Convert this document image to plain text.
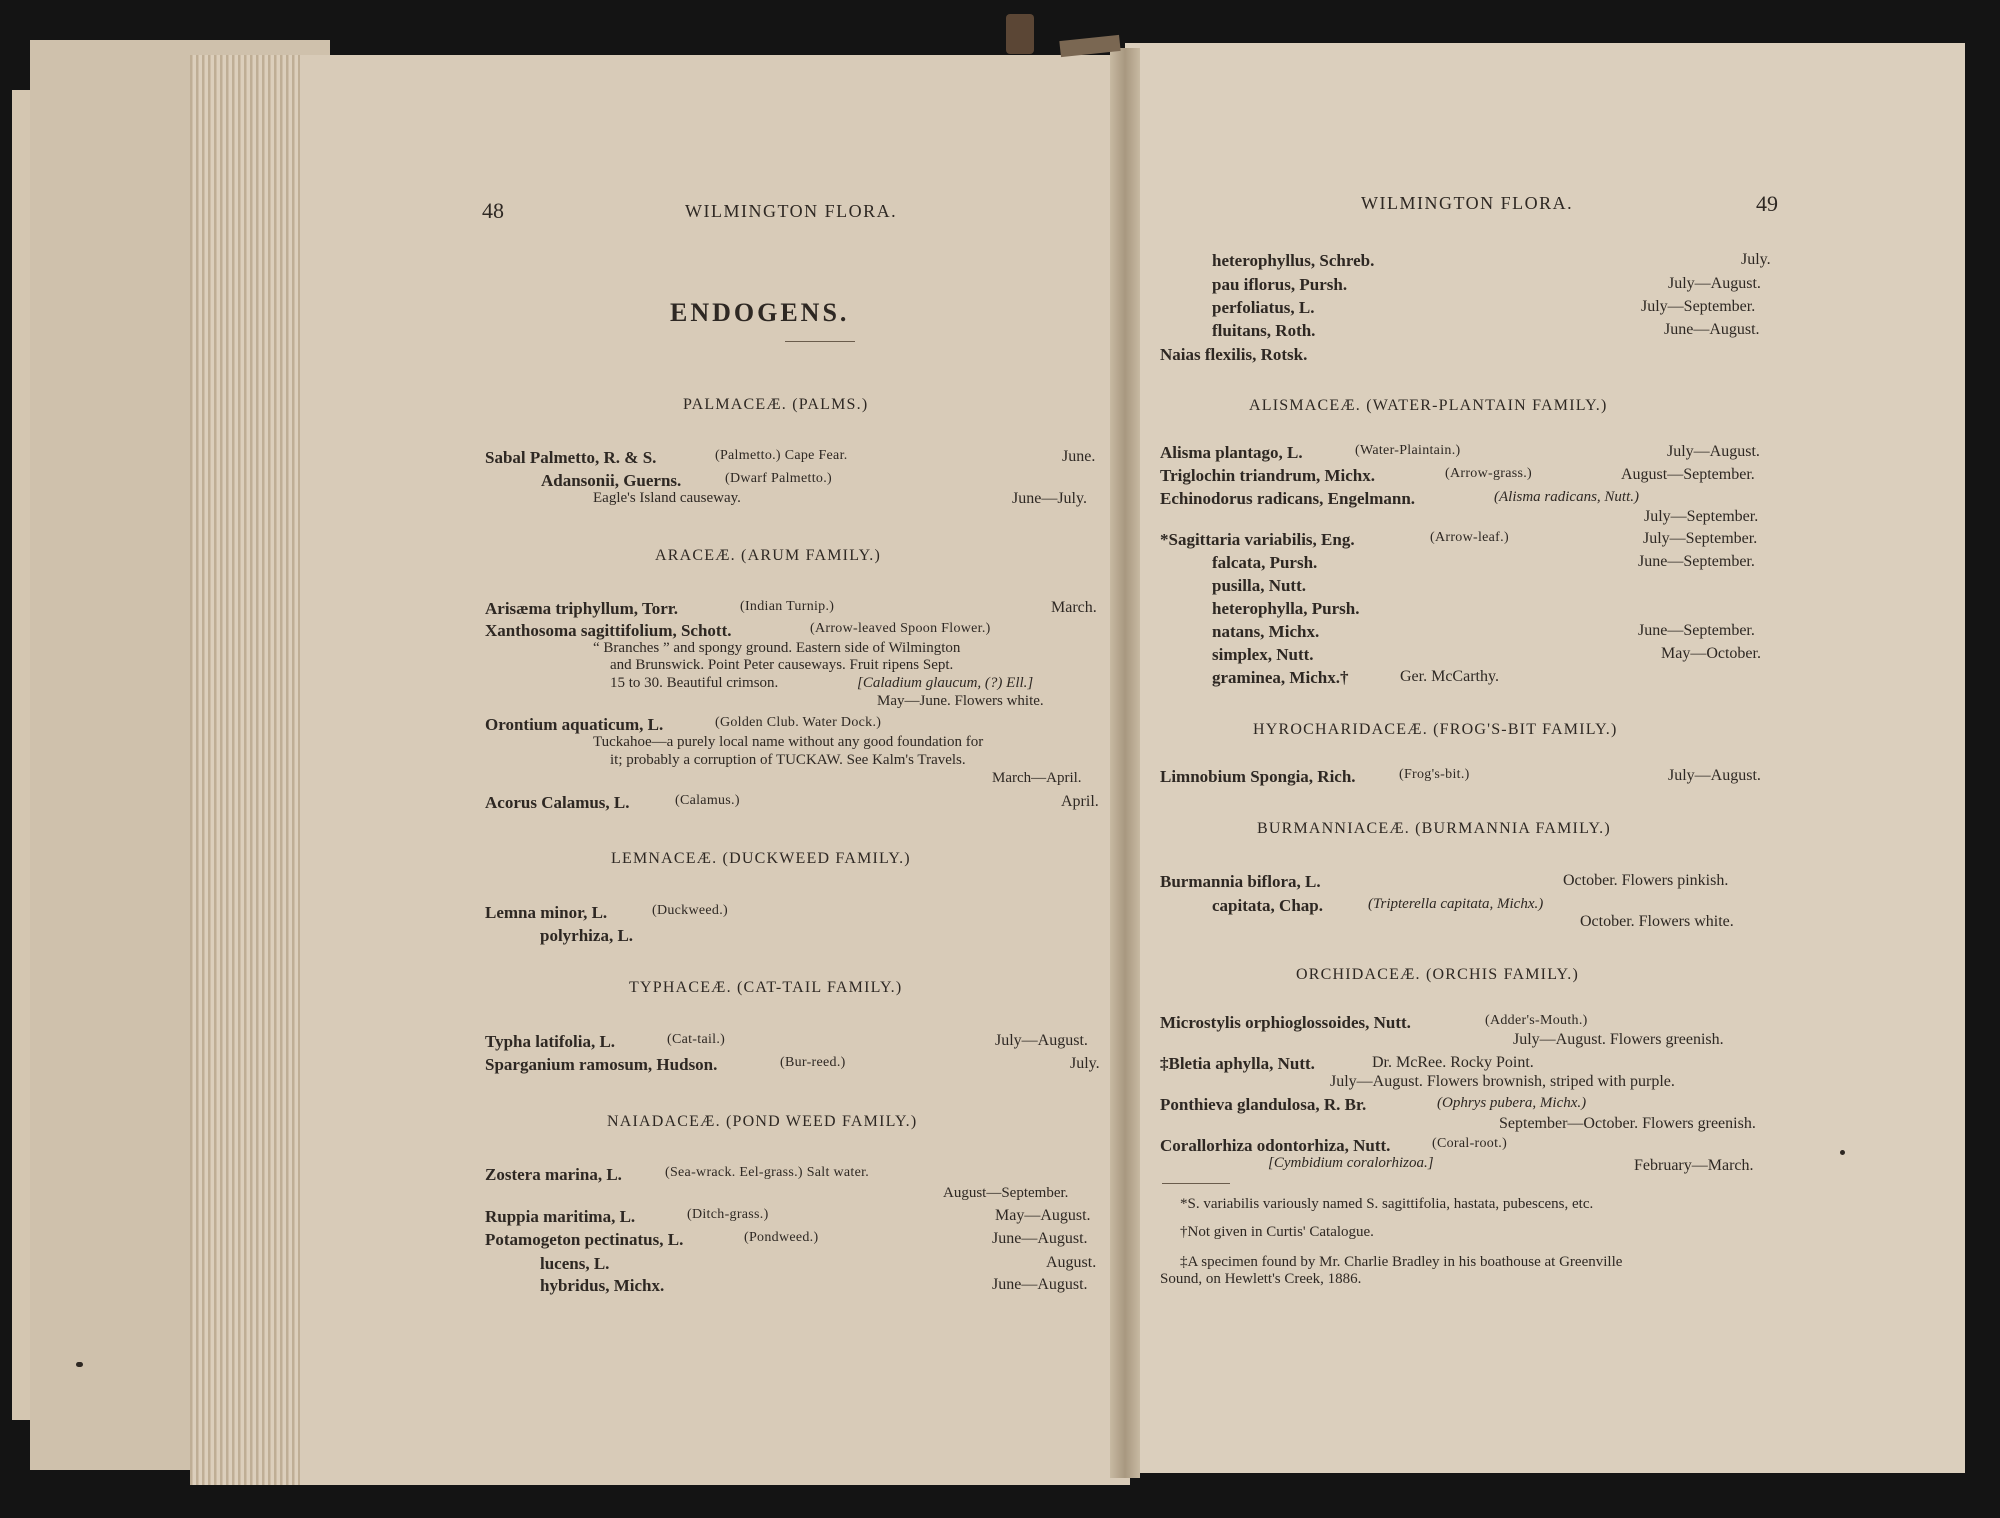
48	WILMINGTON FLORA.
ENDOGENS.
PALMACEÆ. (PALMS.)
Sabal Palmetto, R. & S.	(Palmetto.) Cape Fear.	June.
Adansonii, Guerns.	(Dwarf Palmetto.)
Eagle's Island causeway.	June—July.
ARACEÆ. (ARUM FAMILY.)
Arisæma triphyllum, Torr.	(Indian Turnip.)	March.
Xanthosoma sagittifolium, Schott.	(Arrow-leaved Spoon Flower.)
“ Branches ” and spongy ground. Eastern side of Wilmington
and Brunswick. Point Peter causeways. Fruit ripens Sept.
15 to 30. Beautiful crimson.	[Caladium glaucum, (?) Ell.]
May—June. Flowers white.
Orontium aquaticum, L.	(Golden Club. Water Dock.)
Tuckahoe—a purely local name without any good foundation for
it; probably a corruption of TUCKAW. See Kalm's Travels.
March—April.
Acorus Calamus, L.	(Calamus.)	April.
LEMNACEÆ. (DUCKWEED FAMILY.)
Lemna minor, L.	(Duckweed.)
polyrhiza, L.
TYPHACEÆ. (CAT-TAIL FAMILY.)
Typha latifolia, L.	(Cat-tail.)	July—August.
Sparganium ramosum, Hudson.	(Bur-reed.)	July.
NAIADACEÆ. (POND WEED FAMILY.)
Zostera marina, L.	(Sea-wrack. Eel-grass.) Salt water.
August—September.
Ruppia maritima, L.	(Ditch-grass.)	May—August.
Potamogeton pectinatus, L.	(Pondweed.)	June—August.
lucens, L.	August.
hybridus, Michx.	June—August.
WILMINGTON FLORA.	49
heterophyllus, Schreb.	July.
pau iflorus, Pursh.	July—August.
perfoliatus, L.	July—September.
fluitans, Roth.	June—August.
Naias flexilis, Rotsk.
ALISMACEÆ. (WATER-PLANTAIN FAMILY.)
Alisma plantago, L.	(Water-Plaintain.)	July—August.
Triglochin triandrum, Michx.	(Arrow-grass.)	August—September.
Echinodorus radicans, Engelmann.	(Alisma radicans, Nutt.)
July—September.
*Sagittaria variabilis, Eng.	(Arrow-leaf.)	July—September.
falcata, Pursh.	June—September.
pusilla, Nutt.
heterophylla, Pursh.
natans, Michx.	June—September.
simplex, Nutt.	May—October.
graminea, Michx.†	Ger. McCarthy.
HYROCHARIDACEÆ. (FROG'S-BIT FAMILY.)
Limnobium Spongia, Rich.	(Frog's-bit.)	July—August.
BURMANNIACEÆ. (BURMANNIA FAMILY.)
Burmannia biflora, L.	October. Flowers pinkish.
capitata, Chap.	(Tripterella capitata, Michx.)
October. Flowers white.
ORCHIDACEÆ. (ORCHIS FAMILY.)
Microstylis orphioglossoides, Nutt.	(Adder's-Mouth.)
July—August. Flowers greenish.
‡Bletia aphylla, Nutt.	Dr. McRee. Rocky Point.
July—August. Flowers brownish, striped with purple.
Ponthieva glandulosa, R. Br.	(Ophrys pubera, Michx.)
September—October. Flowers greenish.
Corallorhiza odontorhiza, Nutt.	(Coral-root.)
[Cymbidium coralorhizoa.]	February—March.
*S. variabilis variously named S. sagittifolia, hastata, pubescens, etc.
†Not given in Curtis' Catalogue.
‡A specimen found by Mr. Charlie Bradley in his boathouse at Greenville
Sound, on Hewlett's Creek, 1886.
